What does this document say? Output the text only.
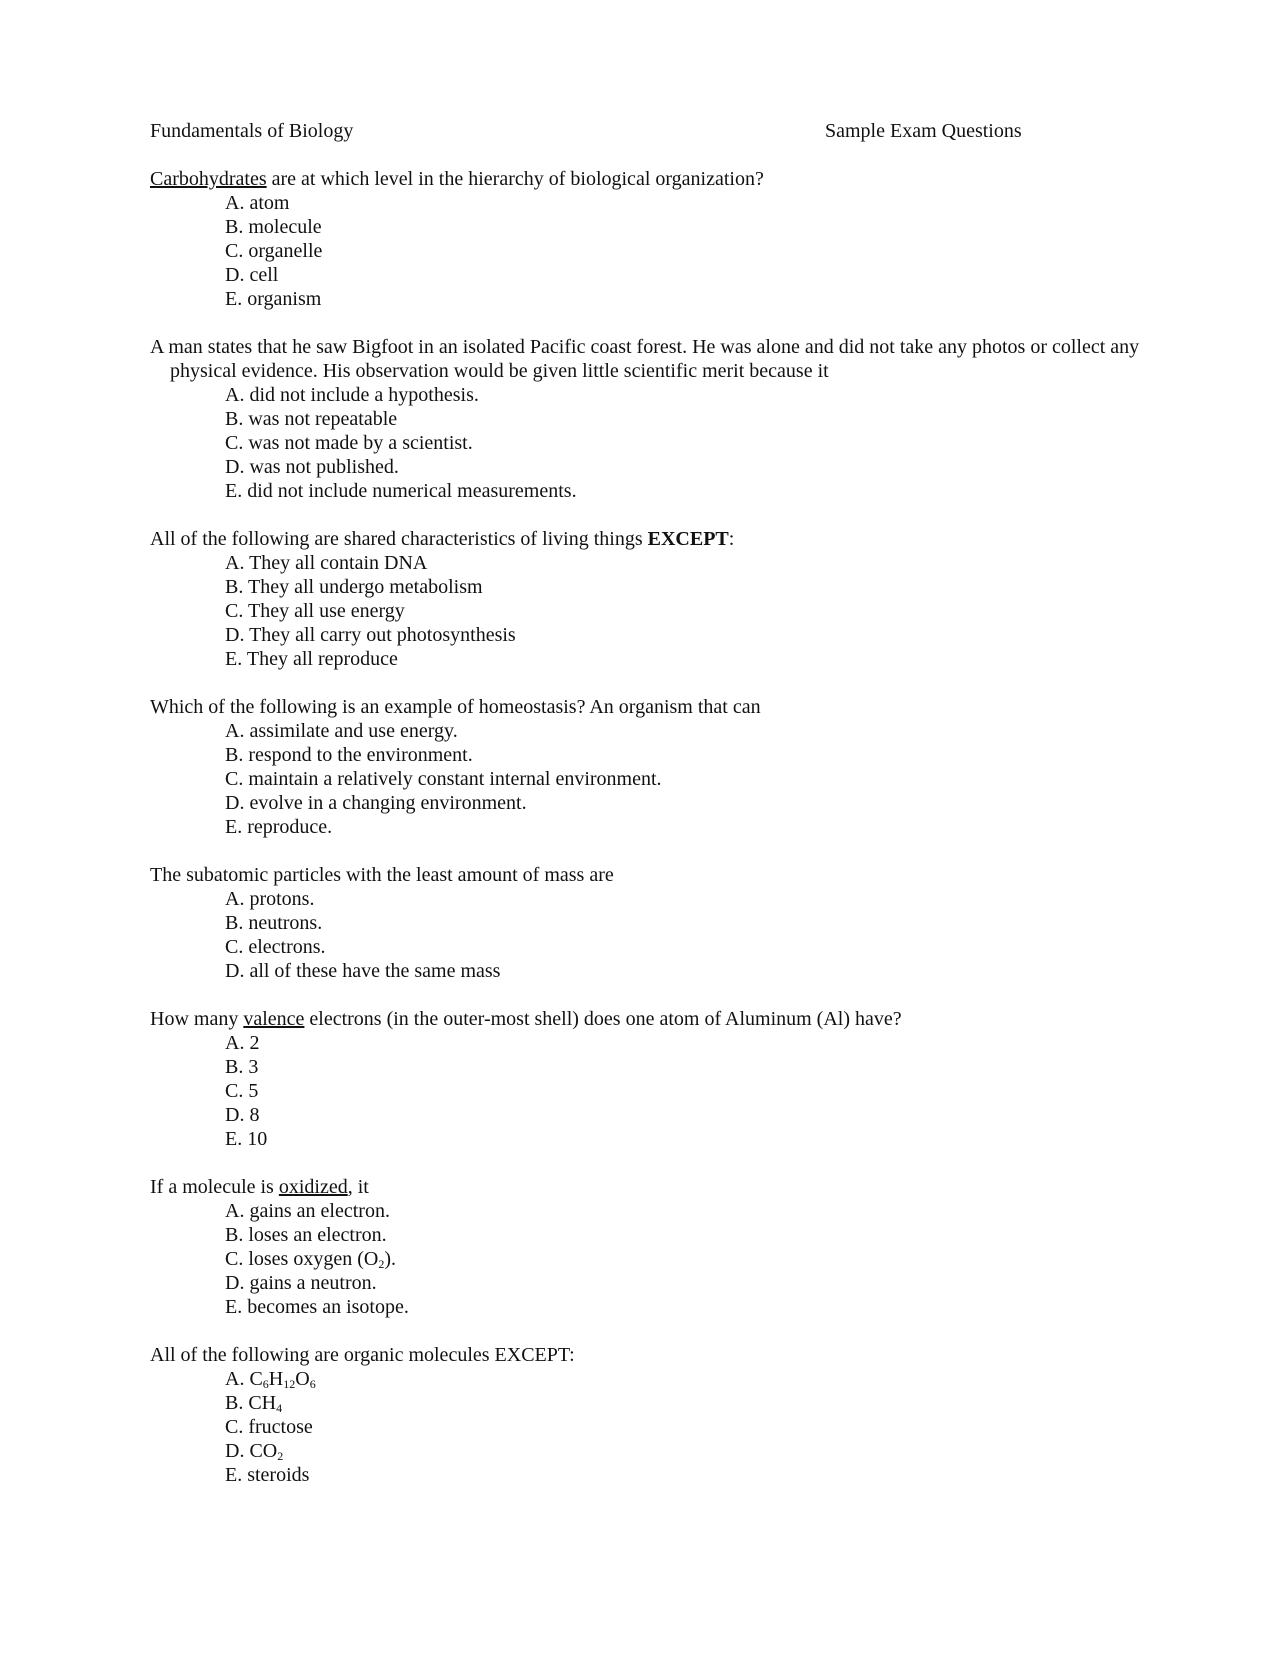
Fundamentals of Biology	Sample Exam Questions
Carbohydrates are at which level in the hierarchy of biological organization?
A. atom
B. molecule
C. organelle
D. cell
E. organism
A man states that he saw Bigfoot in an isolated Pacific coast forest. He was alone and did not take any photos or collect any physical evidence. His observation would be given little scientific merit because it
A. did not include a hypothesis.
B. was not repeatable
C. was not made by a scientist.
D. was not published.
E. did not include numerical measurements.
All of the following are shared characteristics of living things EXCEPT:
A. They all contain DNA
B. They all undergo metabolism
C. They all use energy
D. They all carry out photosynthesis
E. They all reproduce
Which of the following is an example of homeostasis? An organism that can
A. assimilate and use energy.
B. respond to the environment.
C. maintain a relatively constant internal environment.
D. evolve in a changing environment.
E. reproduce.
The subatomic particles with the least amount of mass are
A. protons.
B. neutrons.
C. electrons.
D. all of these have the same mass
How many valence electrons (in the outer-most shell) does one atom of Aluminum (Al) have?
A. 2
B. 3
C. 5
D. 8
E. 10
If a molecule is oxidized, it
A. gains an electron.
B. loses an electron.
C. loses oxygen $(O_2)$.
D. gains a neutron.
E. becomes an isotope.
All of the following are organic molecules EXCEPT:
A. $C_6H_{12}O_6$
B. $CH_4$
C. fructose
D. $CO_2$
E. steroids
